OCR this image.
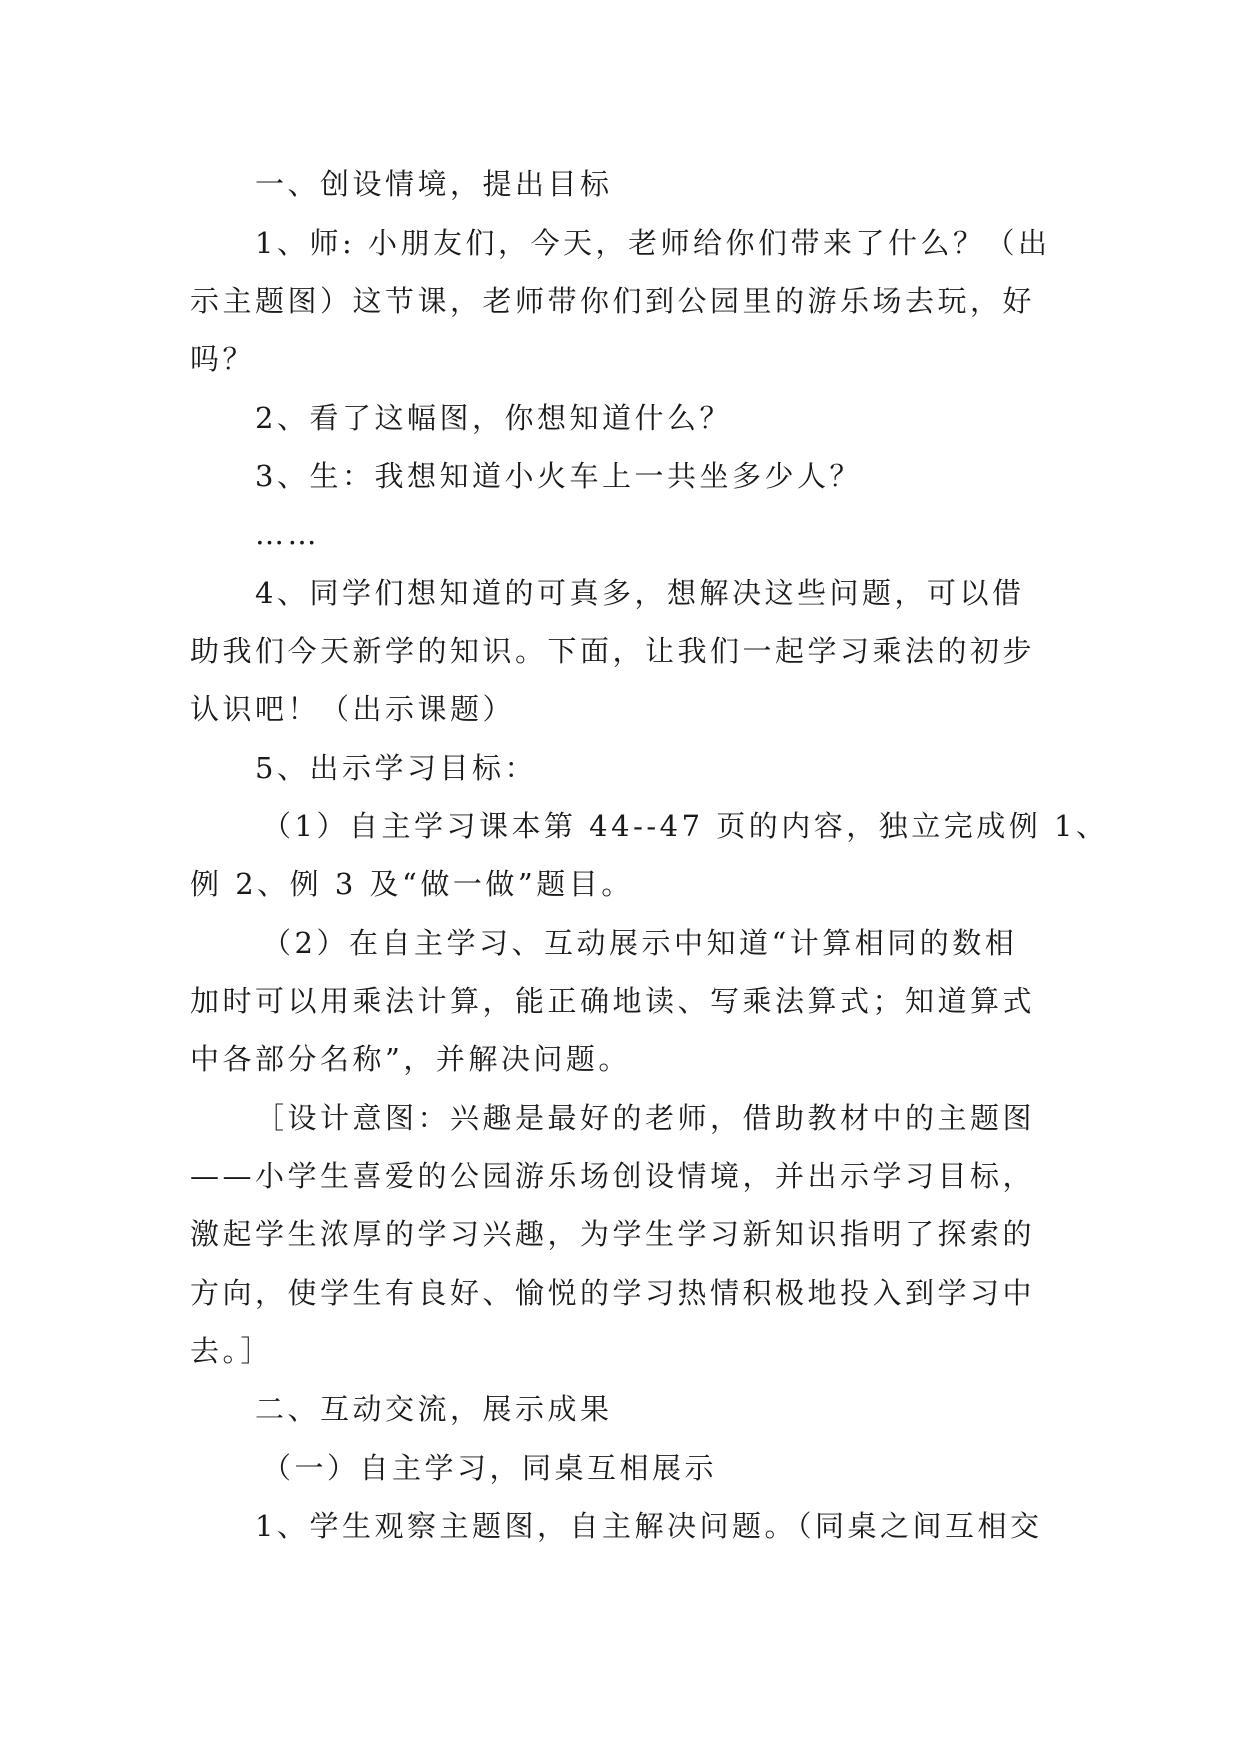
一、创设情境，提出目标
1、师: 小朋友们，今天，老师给你们带来了什么？（出
示主题图）这节课，老师带你们到公园里的游乐场去玩，好
吗？
2、看了这幅图，你想知道什么？
3、生：我想知道小火车上一共坐多少人？
……
4、同学们想知道的可真多，想解决这些问题，可以借
助我们今天新学的知识。下面，让我们一起学习乘法的初步
认识吧！（出示课题）
5、出示学习目标：
（1）自主学习课本第 44--47 页的内容，独立完成例 1、
例 2、例 3 及“做一做”题目。
（2）在自主学习、互动展示中知道“计算相同的数相
加时可以用乘法计算，能正确地读、写乘法算式；知道算式
中各部分名称”，并解决问题。
［设计意图：兴趣是最好的老师，借助教材中的主题图
——小学生喜爱的公园游乐场创设情境，并出示学习目标，
激起学生浓厚的学习兴趣，为学生学习新知识指明了探索的
方向，使学生有良好、愉悦的学习热情积极地投入到学习中
去。］
二、互动交流，展示成果
（一）自主学习，同桌互相展示
1、学生观察主题图，自主解决问题。（同桌之间互相交
